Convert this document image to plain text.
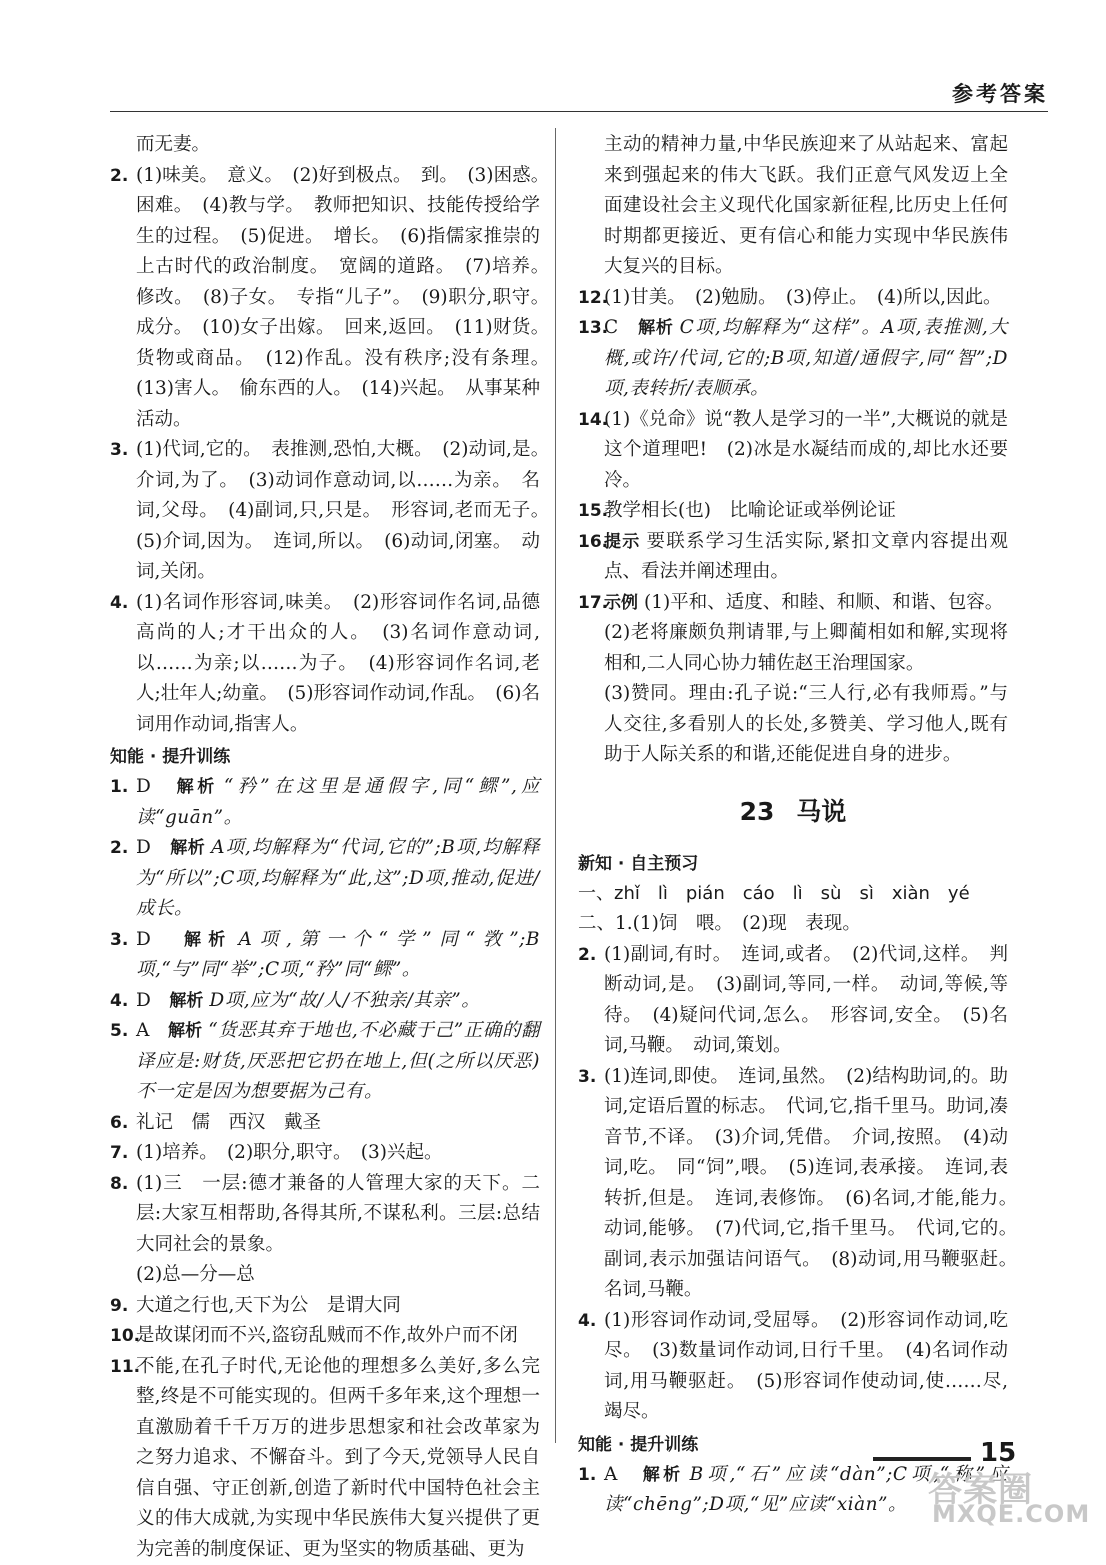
参考答案
而无妻。
2. (1)味美。　意义。　(2)好到极点。　到。　(3)困惑。　困难。　(4)教与学。　教师把知识、技能传授给学生的过程。　(5)促进。　增长。　(6)指儒家推崇的上古时代的政治制度。　宽阔的道路。　(7)培养。　修改。　(8)子女。　专指“儿子”。　(9)职分,职守。　成分。　(10)女子出嫁。　回来,返回。　(11)财货。　货物或商品。　(12)作乱。没有秩序;没有条理。　(13)害人。　偷东西的人。　(14)兴起。　从事某种活动。
3. (1)代词,它的。　表推测,恐怕,大概。　(2)动词,是。　介词,为了。　(3)动词作意动词,以……为亲。　名词,父母。　(4)副词,只,只是。　形容词,老而无子。　(5)介词,因为。　连词,所以。　(6)动词,闭塞。　动词,关闭。
4. (1)名词作形容词,味美。　(2)形容词作名词,品德高尚的人;才干出众的人。　(3)名词作意动词,以……为亲;以……为子。　(4)形容词作名词,老人;壮年人;幼童。　(5)形容词作动词,作乱。　(6)名词用作动词,指害人。
知能 · 提升训练
1. D　 解析 “矜”在这里是通假字,同“鳏”,应读“guān”。
2. D　 解析 A项,均解释为“代词,它的”;B项,均解释为“所以”;C项,均解释为“此,这”;D项,推动,促进/成长。
3. D　 解析 A项,第一个“学”同“敩”;B项,“与”同“举”;C项,“矜”同“鳏”。
4. D　 解析 D项,应为“故/人/不独亲/其亲”。
5. A　 解析 “货恶其弃于地也,不必藏于己”正确的翻译应是:财货,厌恶把它扔在地上,但(之所以厌恶)不一定是因为想要据为己有。
6. 礼记　儒　西汉　戴圣
7. (1)培养。　(2)职分,职守。　(3)兴起。
8. (1)三　一层:德才兼备的人管理大家的天下。二层:大家互相帮助,各得其所,不谋私利。三层:总结大同社会的景象。
(2)总—分—总
9. 大道之行也,天下为公　是谓大同
10.
是故谋闭而不兴,盗窃乱贼而不作,故外户而不闭
11.
不能,在孔子时代,无论他的理想多么美好,多么完整,终是不可能实现的。但两千多年来,这个理想一直激励着千千万万的进步思想家和社会改革家为之努力追求、不懈奋斗。到了今天,党领导人民自信自强、守正创新,创造了新时代中国特色社会主义的伟大成就,为实现中华民族伟大复兴提供了更为完善的制度保证、更为坚实的物质基础、更为
主动的精神力量,中华民族迎来了从站起来、富起来到强起来的伟大飞跃。我们正意气风发迈上全面建设社会主义现代化国家新征程,比历史上任何时期都更接近、更有信心和能力实现中华民族伟大复兴的目标。
12.
(1)甘美。　(2)勉励。　(3)停止。　(4)所以,因此。
13.
C　 解析 C项,均解释为“这样”。A项,表推测,大概,或许/代词,它的;B项,知道/通假字,同“智”;D项,表转折/表顺承。
14.
(1)《兑命》说“教人是学习的一半”,大概说的就是这个道理吧!　(2)冰是水凝结而成的,却比水还要冷。
15.
教学相长(也)　比喻论证或举例论证
16.
提示 要联系学习生活实际,紧扣文章内容提出观点、看法并阐述理由。
17.
示例 (1)平和、适度、和睦、和顺、和谐、包容。
(2)老将廉颇负荆请罪,与上卿蔺相如和解,实现将相和,二人同心协力辅佐赵王治理国家。
(3)赞同。理由:孔子说:“三人行,必有我师焉。”与人交往,多看别人的长处,多赞美、学习他人,既有助于人际关系的和谐,还能促进自身的进步。
23 马说
新知 · 自主预习
一、zhǐ　lì　pián　cáo　lì　sù　sì　xiàn　yé
二、1.(1)饲　喂。　(2)现　表现。
2. (1)副词,有时。　连词,或者。　(2)代词,这样。　判断动词,是。　(3)副词,等同,一样。　动词,等候,等待。　(4)疑问代词,怎么。　形容词,安全。　(5)名词,马鞭。　动词,策划。
3. (1)连词,即使。　连词,虽然。　(2)结构助词,的。助词,定语后置的标志。　代词,它,指千里马。助词,凑音节,不译。　(3)介词,凭借。　介词,按照。　(4)动词,吃。　同“饲”,喂。　(5)连词,表承接。　连词,表转折,但是。　连词,表修饰。　(6)名词,才能,能力。　动词,能够。　(7)代词,它,指千里马。　代词,它的。　副词,表示加强诘问语气。　(8)动词,用马鞭驱赶。　名词,马鞭。
4. (1)形容词作动词,受屈辱。　(2)形容词作动词,吃尽。　(3)数量词作动词,日行千里。　(4)名词作动词,用马鞭驱赶。　(5)形容词作使动词,使……尽,竭尽。
知能 · 提升训练
1. A　 解析 B项,“石”应读“dàn”;C项,“称”应读“chēng”;D项,“见”应读“xiàn”。
15
答案圈
MXQE.COM
